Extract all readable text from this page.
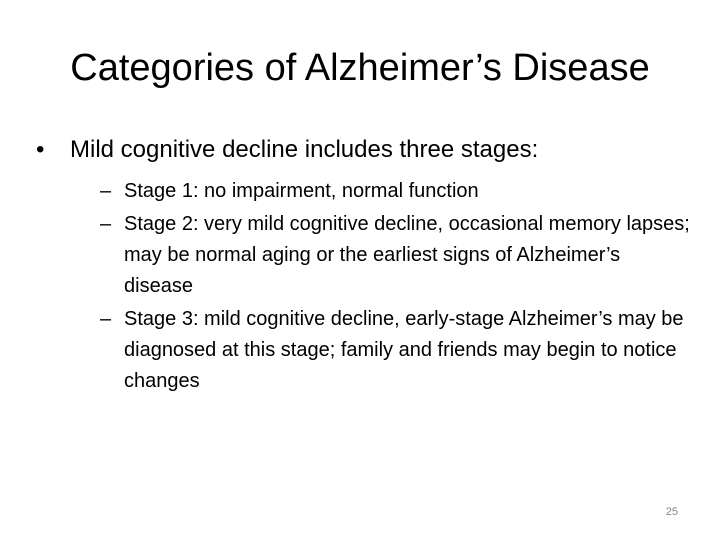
Categories of Alzheimer’s Disease
•	Mild cognitive decline includes three stages:
– Stage 1: no impairment, normal function
– Stage 2: very mild cognitive decline, occasional memory lapses; may be normal aging or the earliest signs of Alzheimer’s disease
– Stage 3: mild cognitive decline, early-stage Alzheimer’s may be diagnosed at this stage; family and friends may begin to notice changes
25
